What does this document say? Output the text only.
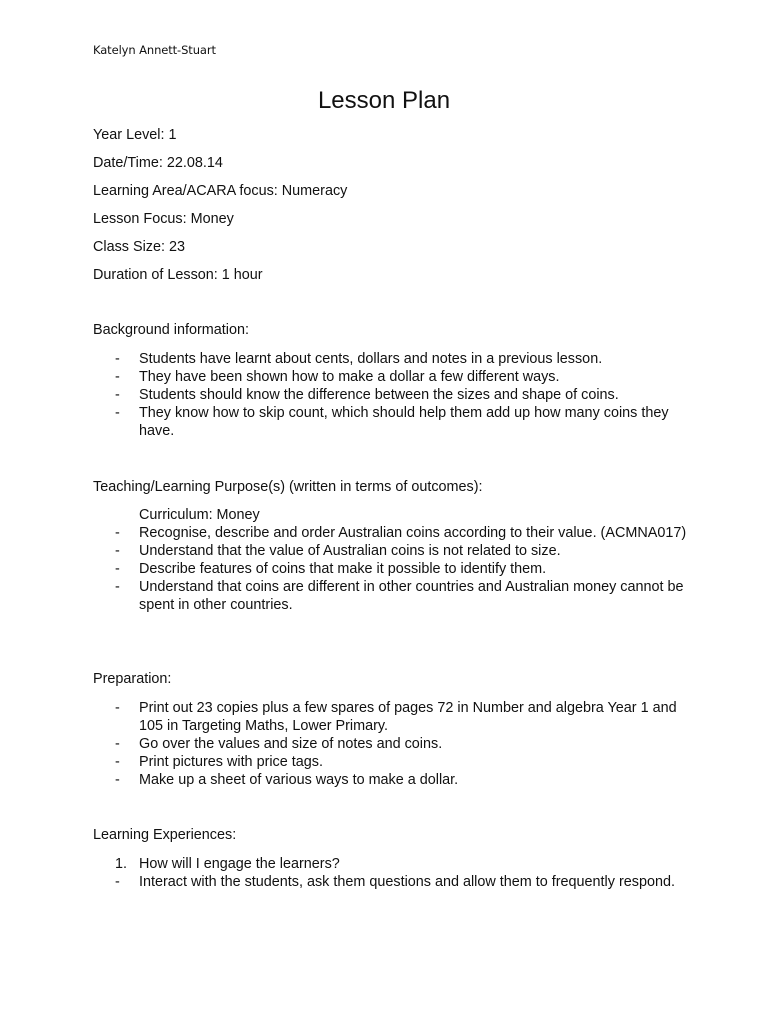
Katelyn Annett-Stuart
Lesson Plan
Year Level: 1
Date/Time: 22.08.14
Learning Area/ACARA focus: Numeracy
Lesson Focus: Money
Class Size: 23
Duration of Lesson: 1 hour
Background information:
- Students have learnt about cents, dollars and notes in a previous lesson.
- They have been shown how to make a dollar a few different ways.
- Students should know the difference between the sizes and shape of coins.
- They know how to skip count, which should help them add up how many coins they have.
Teaching/Learning Purpose(s) (written in terms of outcomes):
Curriculum: Money
- Recognise, describe and order Australian coins according to their value. (ACMNA017)
- Understand that the value of Australian coins is not related to size.
- Describe features of coins that make it possible to identify them.
- Understand that coins are different in other countries and Australian money cannot be spent in other countries.
Preparation:
- Print out 23 copies plus a few spares of pages 72 in Number and algebra Year 1 and 105 in Targeting Maths, Lower Primary.
- Go over the values and size of notes and coins.
- Print pictures with price tags.
- Make up a sheet of various ways to make a dollar.
Learning Experiences:
1. How will I engage the learners?
- Interact with the students, ask them questions and allow them to frequently respond.
